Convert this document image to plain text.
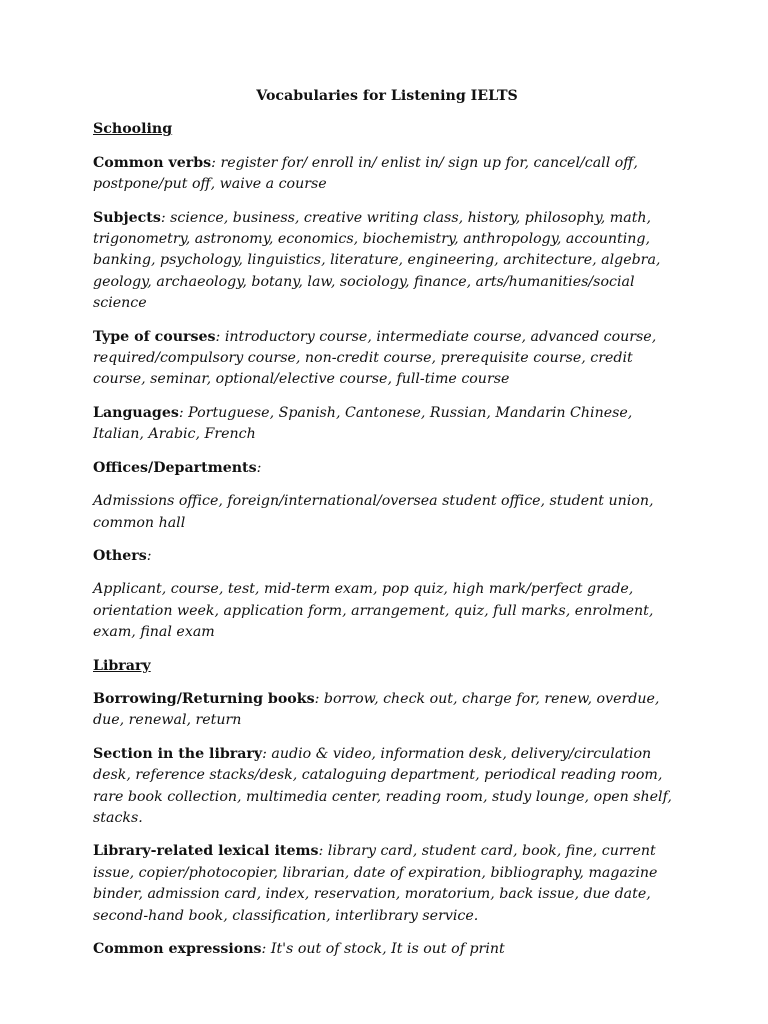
Vocabularies for Listening IELTS

Schooling

Common verbs: register for/ enroll in/ enlist in/ sign up for, cancel/call off, postpone/put off, waive a course

Subjects: science, business, creative writing class, history, philosophy, math, trigonometry, astronomy, economics, biochemistry, anthropology, accounting, banking, psychology, linguistics, literature, engineering, architecture, algebra, geology, archaeology, botany, law, sociology, finance, arts/humanities/social science

Type of courses: introductory course, intermediate course, advanced course, required/compulsory course, non-credit course, prerequisite course, credit course, seminar, optional/elective course, full-time course

Languages: Portuguese, Spanish, Cantonese, Russian, Mandarin Chinese, Italian, Arabic, French

Offices/Departments:

Admissions office, foreign/international/oversea student office, student union, common hall

Others:

Applicant, course, test, mid-term exam, pop quiz, high mark/perfect grade, orientation week, application form, arrangement, quiz, full marks, enrolment, exam, final exam

Library

Borrowing/Returning books: borrow, check out, charge for, renew, overdue, due, renewal, return

Section in the library: audio & video, information desk, delivery/circulation desk, reference stacks/desk, cataloguing department, periodical reading room, rare book collection, multimedia center, reading room, study lounge, open shelf, stacks.

Library-related lexical items: library card, student card, book, fine, current issue, copier/photocopier, librarian, date of expiration, bibliography, magazine binder, admission card, index, reservation, moratorium, back issue, due date, second-hand book, classification, interlibrary service.

Common expressions: It's out of stock, It is out of print
